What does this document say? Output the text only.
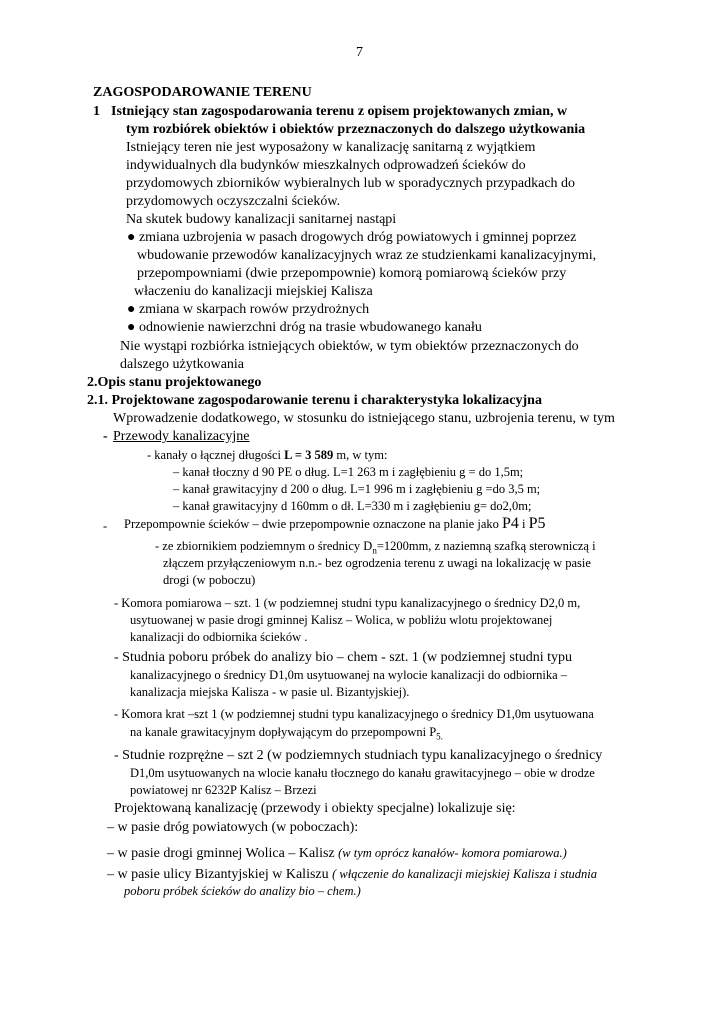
7
ZAGOSPODAROWANIE TERENU
1 Istniejący stan zagospodarowania terenu z opisem projektowanych zmian, w
tym rozbiórek obiektów i obiektów przeznaczonych do dalszego użytkowania
Istniejący teren nie jest wyposażony w kanalizację sanitarną z wyjątkiem
indywidualnych dla budynków mieszkalnych odprowadzeń ścieków do
przydomowych zbiorników wybieralnych lub w sporadycznych przypadkach do
przydomowych oczyszczalni ścieków.
Na skutek budowy kanalizacji sanitarnej nastąpi
● zmiana uzbrojenia w pasach drogowych dróg powiatowych i gminnej poprzez
wbudowanie przewodów kanalizacyjnych wraz ze studzienkami kanalizacyjnymi,
przepompowniami (dwie przepompownie) komorą pomiarową ścieków przy
właczeniu do kanalizacji miejskiej Kalisza
● zmiana w skarpach rowów przydrożnych
● odnowienie nawierzchni dróg na trasie wbudowanego kanału
Nie wystąpi rozbiórka istniejących obiektów, w tym obiektów przeznaczonych do
dalszego użytkowania
2.Opis stanu projektowanego
2.1. Projektowane zagospodarowanie terenu i charakterystyka lokalizacyjna
Wprowadzenie dodatkowego, w stosunku do istniejącego stanu, uzbrojenia terenu, w tym
- Przewody kanalizacyjne
- kanały o łącznej długości L = 3 589 m, w tym:
– kanał tłoczny d 90 PE o dług. L=1 263 m i zagłębieniu g = do 1,5m;
– kanał grawitacyjny d 200 o dług. L=1 996 m i zagłębieniu g =do 3,5 m;
– kanał grawitacyjny d 160mm o dł. L=330 m i zagłębieniu g= do2,0m;
- Przepompownie ścieków – dwie przepompownie oznaczone na planie jako P4 i P5
- ze zbiornikiem podziemnym o średnicy $D_n=1200mm$, z naziemną szafką sterowniczą i
złączem przyłączeniowym n.n.- bez ogrodzenia terenu z uwagi na lokalizację w pasie
drogi (w poboczu)
- Komora pomiarowa – szt. 1 (w podziemnej studni typu kanalizacyjnego o średnicy D2,0 m,
usytuowanej w pasie drogi gminnej Kalisz – Wolica, w pobliżu wlotu projektowanej
kanalizacji do odbiornika ścieków .
- Studnia poboru próbek do analizy bio – chem - szt. 1 (w podziemnej studni typu
kanalizacyjnego o średnicy D1,0m usytuowanej na wylocie kanalizacji do odbiornika –
kanalizacja miejska Kalisza - w pasie ul. Bizantyjskiej).
- Komora krat –szt 1 (w podziemnej studni typu kanalizacyjnego o średnicy D1,0m usytuowana
na kanale grawitacyjnym dopływającym do przepompowni $P_{5.}$
- Studnie rozprężne – szt 2 (w podziemnych studniach typu kanalizacyjnego o średnicy
D1,0m usytuowanych na wlocie kanału tłocznego do kanału grawitacyjnego – obie w drodze
powiatowej nr 6232P Kalisz – Brzezi
Projektowaną kanalizację (przewody i obiekty specjalne) lokalizuje się:
– w pasie dróg powiatowych (w poboczach):
– w pasie drogi gminnej Wolica – Kalisz (w tym oprócz kanałów- komora pomiarowa.)
– w pasie ulicy Bizantyjskiej w Kaliszu ( włączenie do kanalizacji miejskiej Kalisza i studnia
poboru próbek ścieków do analizy bio – chem.)
